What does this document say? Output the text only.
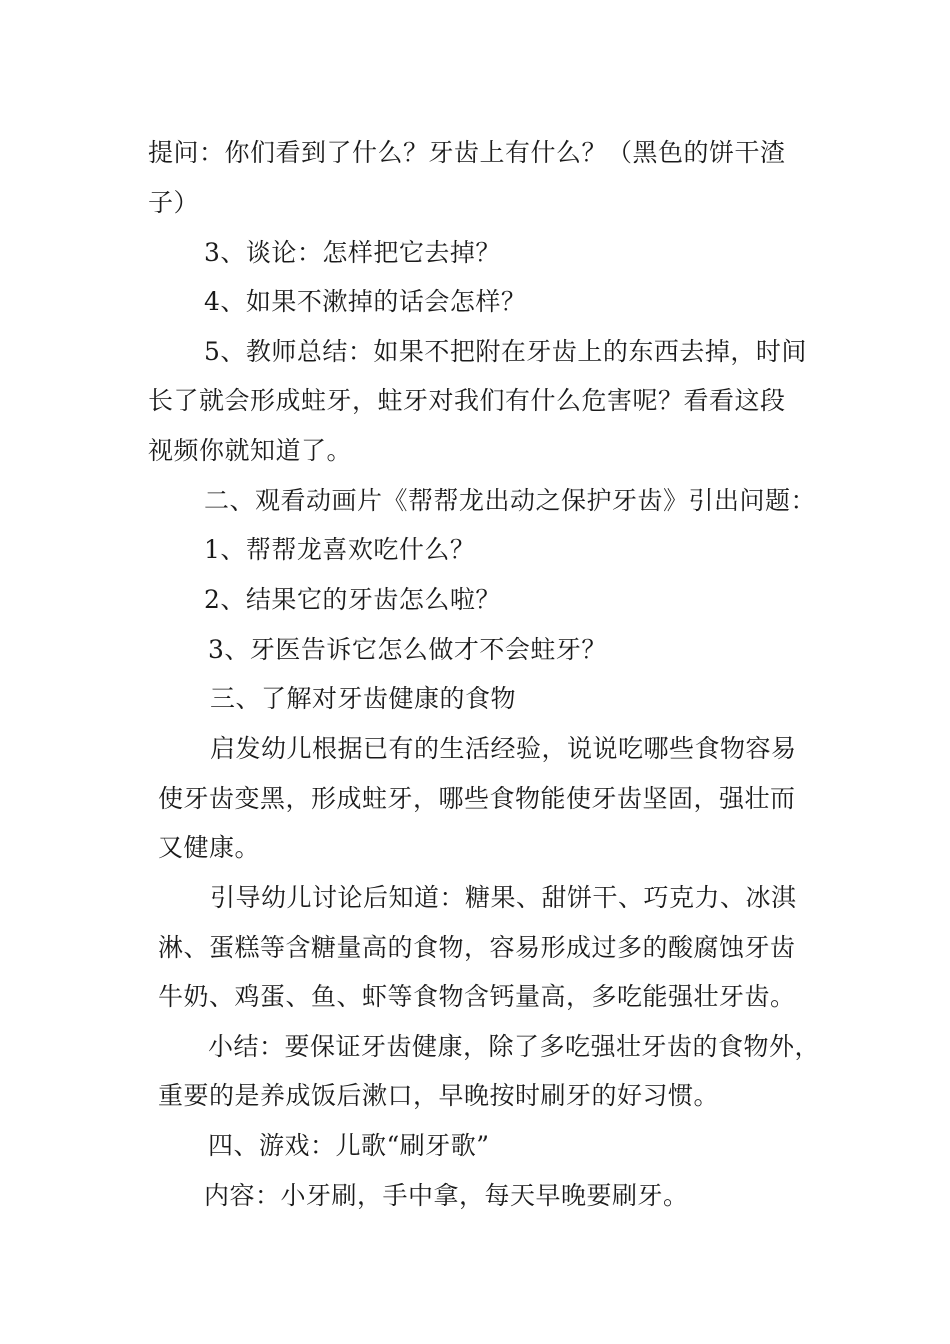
提问：你们看到了什么？牙齿上有什么？（黑色的饼干渣
子）
3、谈论：怎样把它去掉？
4、如果不漱掉的话会怎样？
5、教师总结：如果不把附在牙齿上的东西去掉，时间
长了就会形成蛀牙，蛀牙对我们有什么危害呢？看看这段
视频你就知道了。
二、观看动画片《帮帮龙出动之保护牙齿》引出问题：
1、帮帮龙喜欢吃什么？
2、结果它的牙齿怎么啦？
3、牙医告诉它怎么做才不会蛀牙？
三、了解对牙齿健康的食物
启发幼儿根据已有的生活经验，说说吃哪些食物容易
使牙齿变黑，形成蛀牙，哪些食物能使牙齿坚固，强壮而
又健康。
引导幼儿讨论后知道：糖果、甜饼干、巧克力、冰淇
淋、蛋糕等含糖量高的食物，容易形成过多的酸腐蚀牙齿
牛奶、鸡蛋、鱼、虾等食物含钙量高，多吃能强壮牙齿。
小结：要保证牙齿健康，除了多吃强壮牙齿的食物外，
重要的是养成饭后漱口，早晚按时刷牙的好习惯。
四、游戏：儿歌“刷牙歌”
内容：小牙刷，手中拿，每天早晚要刷牙。
